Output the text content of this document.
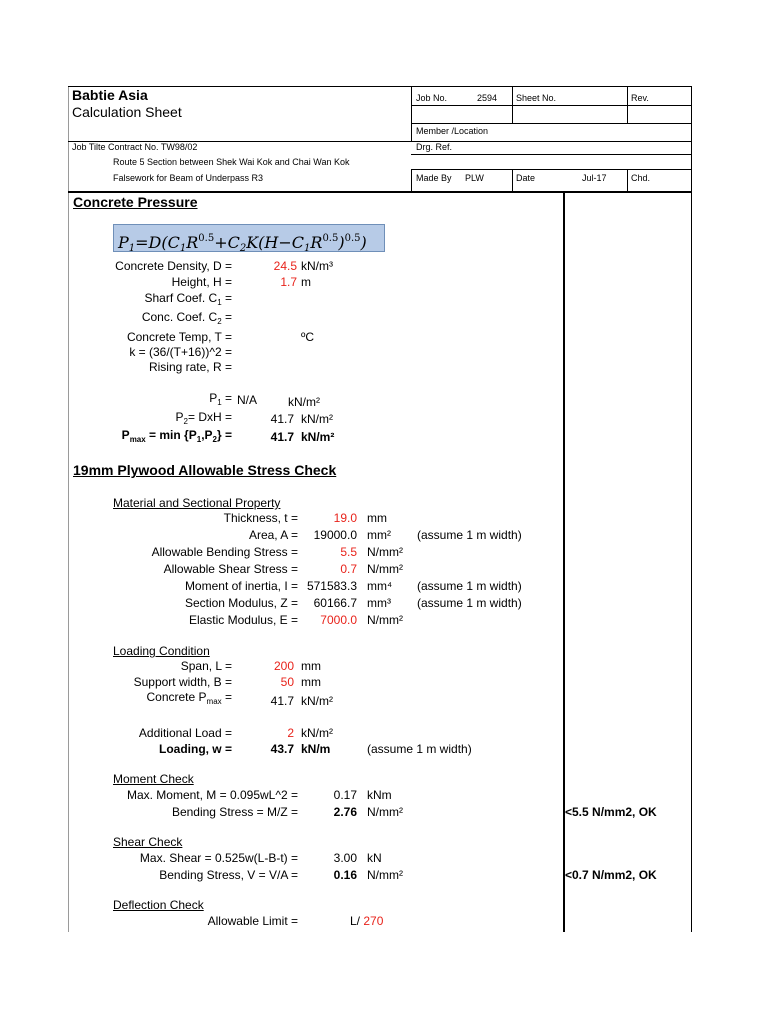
Babtie Asia
Calculation Sheet
Job No.	2594 Sheet No.	Rev.
Member /Location
Drg. Ref.
Job Tilte Contract No. TW98/02
Route 5 Section between Shek Wai Kok and Chai Wan Kok
Falsework for Beam of Underpass R3	Made By PLW	Date	Jul-17	Chd.
Concrete Pressure
$P_1=D(C_1R^{0.5}+C_2K(H-C_1R^{0.5})^{0.5})$
Concrete Density, D =	24.5 kN/m³
Height, H =	1.7 m
Sharf Coef. $C_1$ =
Conc. Coef. $C_2$ =
Concrete Temp, T =	ºC
k = (36/(T+16))^2 =
Rising rate, R =
$P_1 = N/A$	kN/m²
$P_2=$ DxH =	41.7 kN/m²
$P_{max} = \min \{P_1,P_2\}$ =	41.7 kN/m²
19mm Plywood Allowable Stress Check
Material and Sectional Property
Thickness, t =	19.0 mm
Area, A = 19000.0 mm² (assume 1 m width)
Allowable Bending Stress =	5.5 N/mm²
Allowable Shear Stress =	0.7 N/mm²
Moment of inertia, I = 571583.3 mm⁴ (assume 1 m width)
Section Modulus, Z = 60166.7 mm³ (assume 1 m width)
Elastic Modulus, E = 7000.0 N/mm²
Loading Condition
Span, L =	200 mm
Support width, B =	50 mm
Concrete $P_{max}$ =	41.7 kN/m²
Additional Load =	2 kN/m²
Loading, w =	43.7 kN/m	(assume 1 m width)
Moment Check
Max. Moment, M = 0.095wL^2 =	0.17 kNm
Bending Stress = M/Z =	2.76 N/mm²	<5.5 N/mm2, OK
Shear Check
Max. Shear = 0.525w(L-B-t) =	3.00 kN
Bending Stress, V = V/A =	0.16 N/mm²	<0.7 N/mm2, OK
Deflection Check
Allowable Limit =	L/ 270
